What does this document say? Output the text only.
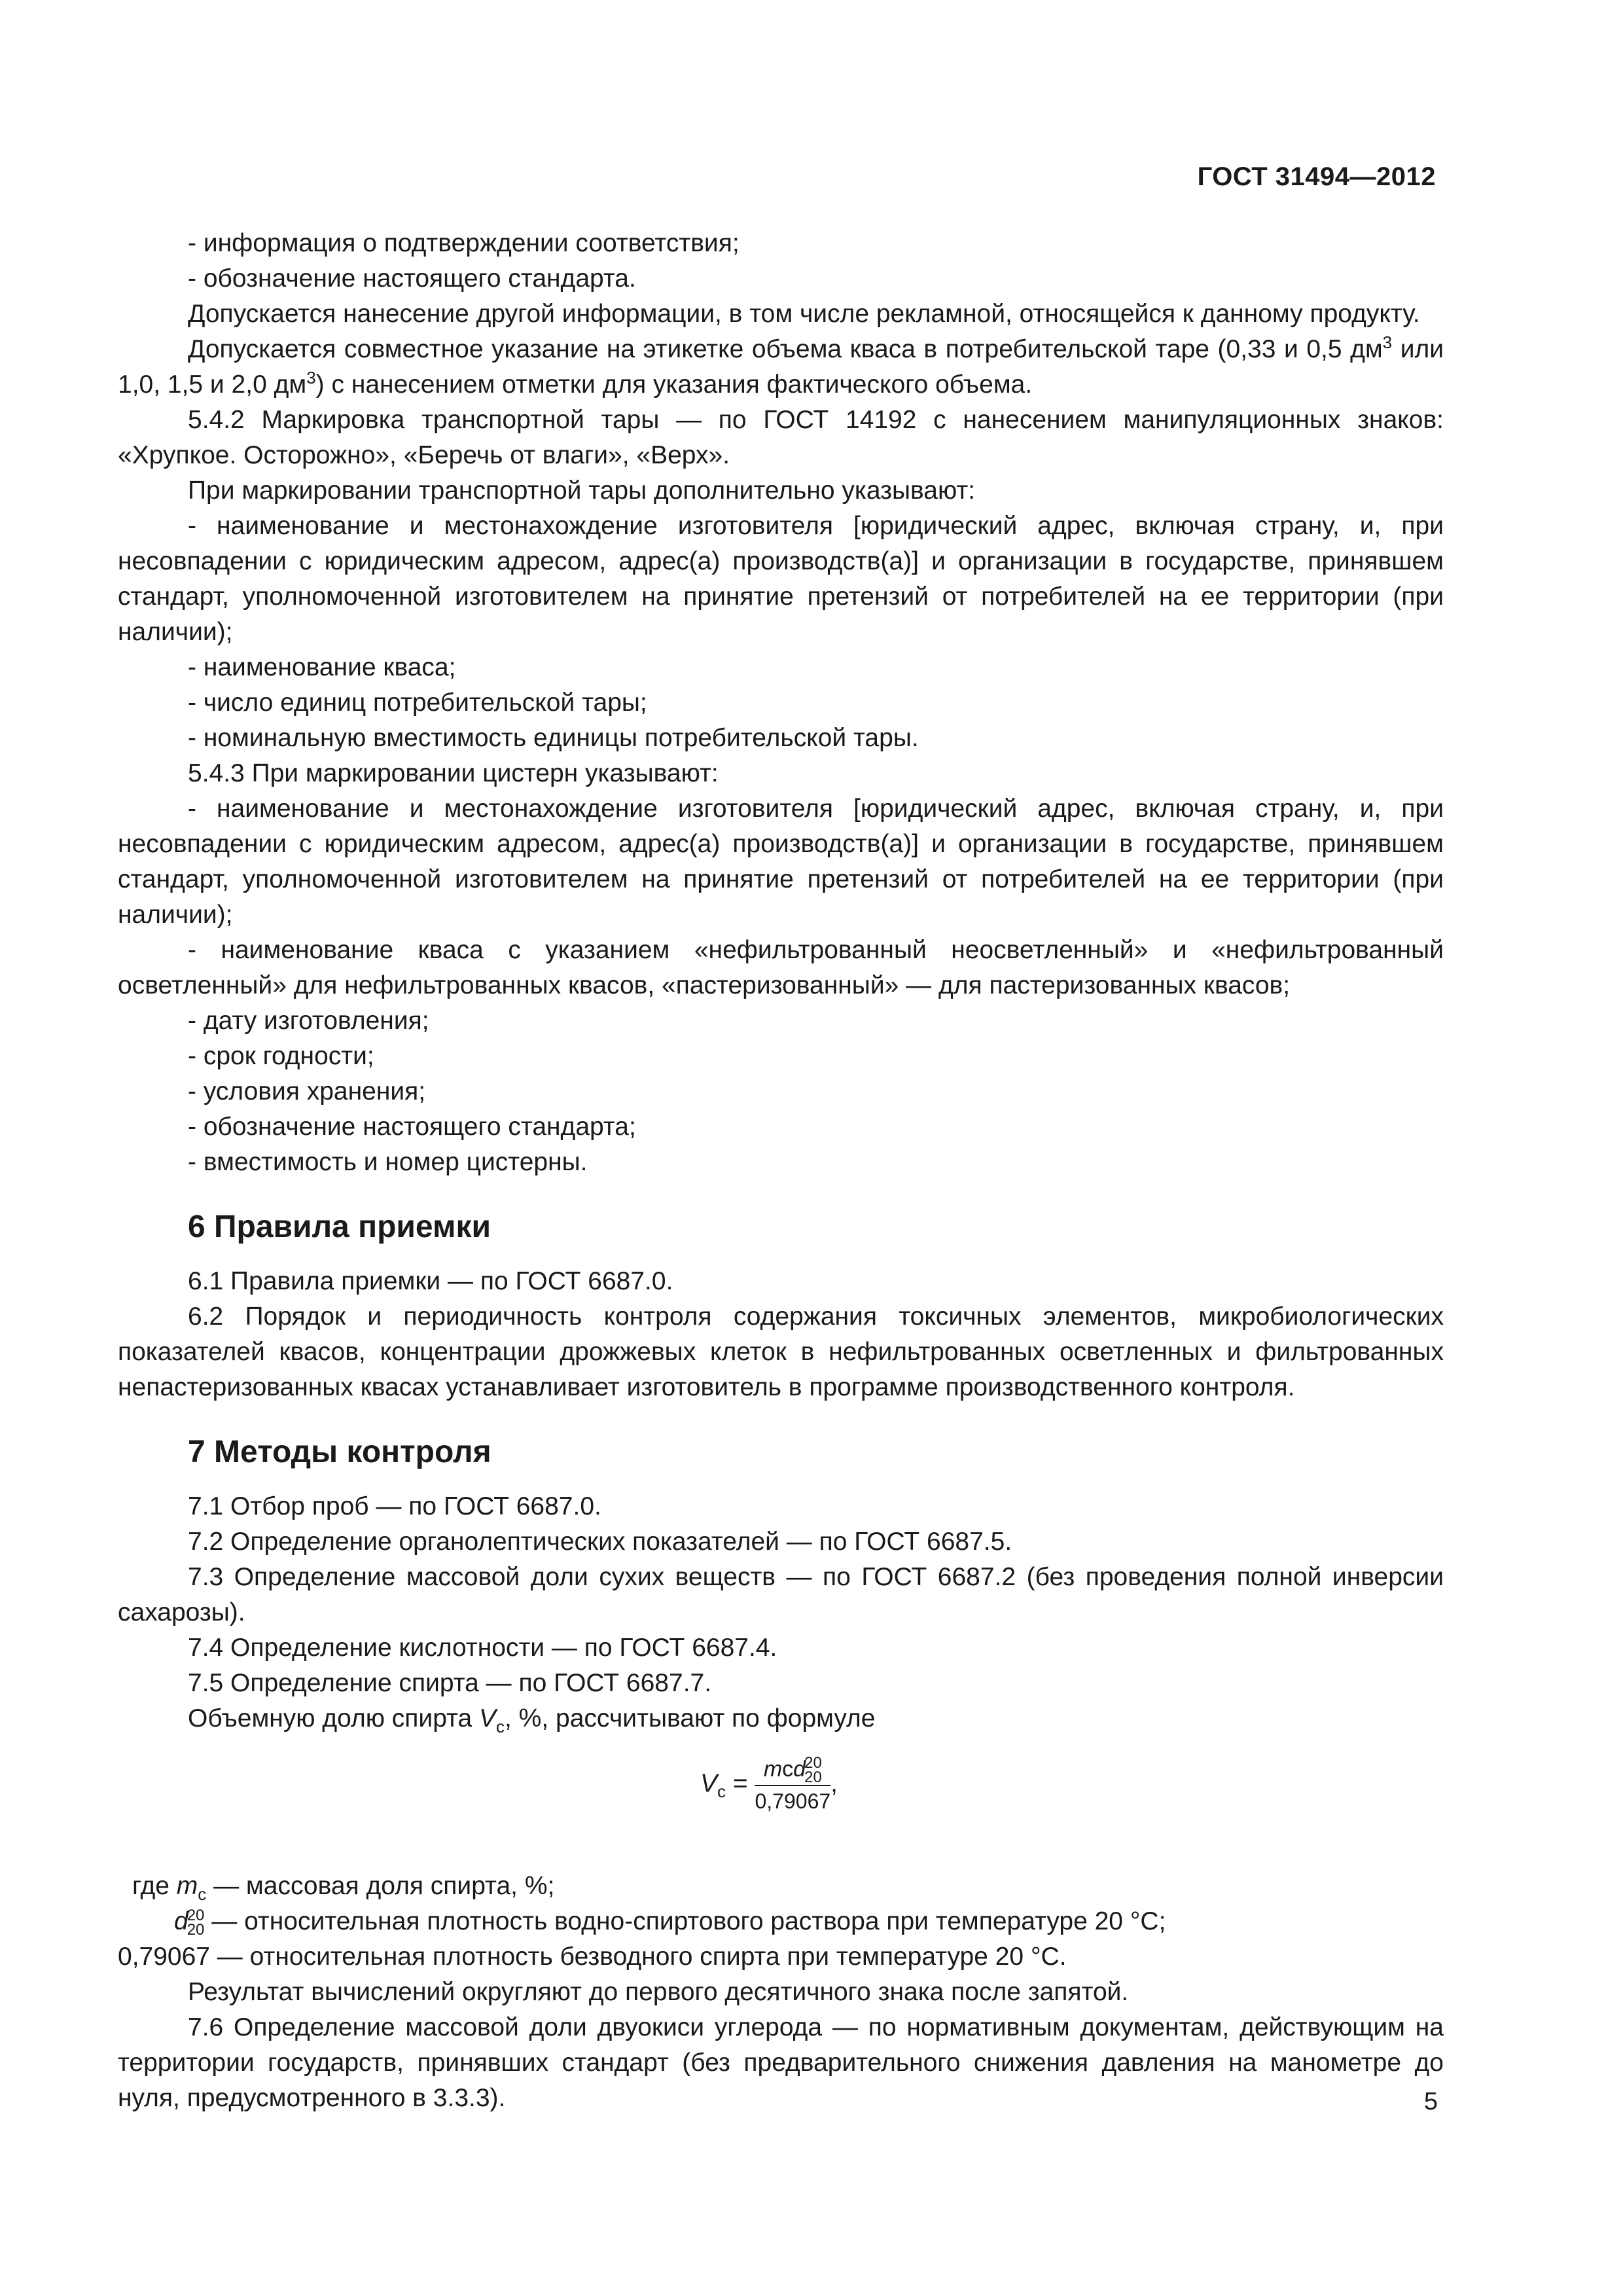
ГОСТ 31494—2012

- информация о подтверждении соответствия;

- обозначение настоящего стандарта.

Допускается нанесение другой информации, в том числе рекламной, относящейся к данному продукту.

Допускается совместное указание на этикетке объема кваса в потребительской таре (0,33 и 0,5 $дм^3$ или 1,0, 1,5 и 2,0 $дм^3$) с нанесением отметки для указания фактического объема.

5.4.2 Маркировка транспортной тары — по ГОСТ 14192 с нанесением манипуляционных знаков: «Хрупкое. Осторожно», «Беречь от влаги», «Верх».

При маркировании транспортной тары дополнительно указывают:

- наименование и местонахождение изготовителя [юридический адрес, включая страну, и, при несовпадении с юридическим адресом, адрес(а) производств(а)] и организации в государстве, принявшем стандарт, уполномоченной изготовителем на принятие претензий от потребителей на ее территории (при наличии);

- наименование кваса;

- число единиц потребительской тары;

- номинальную вместимость единицы потребительской тары.

5.4.3 При маркировании цистерн указывают:

- наименование и местонахождение изготовителя [юридический адрес, включая страну, и, при несовпадении с юридическим адресом, адрес(а) производств(а)] и организации в государстве, принявшем стандарт, уполномоченной изготовителем на принятие претензий от потребителей на ее территории (при наличии);

- наименование кваса с указанием «нефильтрованный неосветленный» и «нефильтрованный осветленный» для нефильтрованных квасов, «пастеризованный» — для пастеризованных квасов;

- дату изготовления;

- срок годности;

- условия хранения;

- обозначение настоящего стандарта;

- вместимость и номер цистерны.

6 Правила приемки

6.1 Правила приемки — по ГОСТ 6687.0.

6.2 Порядок и периодичность контроля содержания токсичных элементов, микробиологических показателей квасов, концентрации дрожжевых клеток в нефильтрованных осветленных и фильтрованных непастеризованных квасах устанавливает изготовитель в программе производственного контроля.

7 Методы контроля

7.1 Отбор проб — по ГОСТ 6687.0.

7.2 Определение органолептических показателей — по ГОСТ 6687.5.

7.3 Определение массовой доли сухих веществ — по ГОСТ 6687.2 (без проведения полной инверсии сахарозы).

7.4 Определение кислотности — по ГОСТ 6687.4.

7.5 Определение спирта — по ГОСТ 6687.7.

Объемную долю спирта $V_с$, %, рассчитывают по формуле

$V_с$ = mсd
20
20
0,79067 ,

где $m_с$ — массовая доля спирта, %;

d
20
20 — относительная плотность водно-спиртового раствора при температуре 20 °С;

0,79067 — относительная плотность безводного спирта при температуре 20 °С.

Результат вычислений округляют до первого десятичного знака после запятой.

7.6 Определение массовой доли двуокиси углерода — по нормативным документам, действующим на территории государств, принявших стандарт (без предварительного снижения давления на манометре до нуля, предусмотренного в 3.3.3).	5
